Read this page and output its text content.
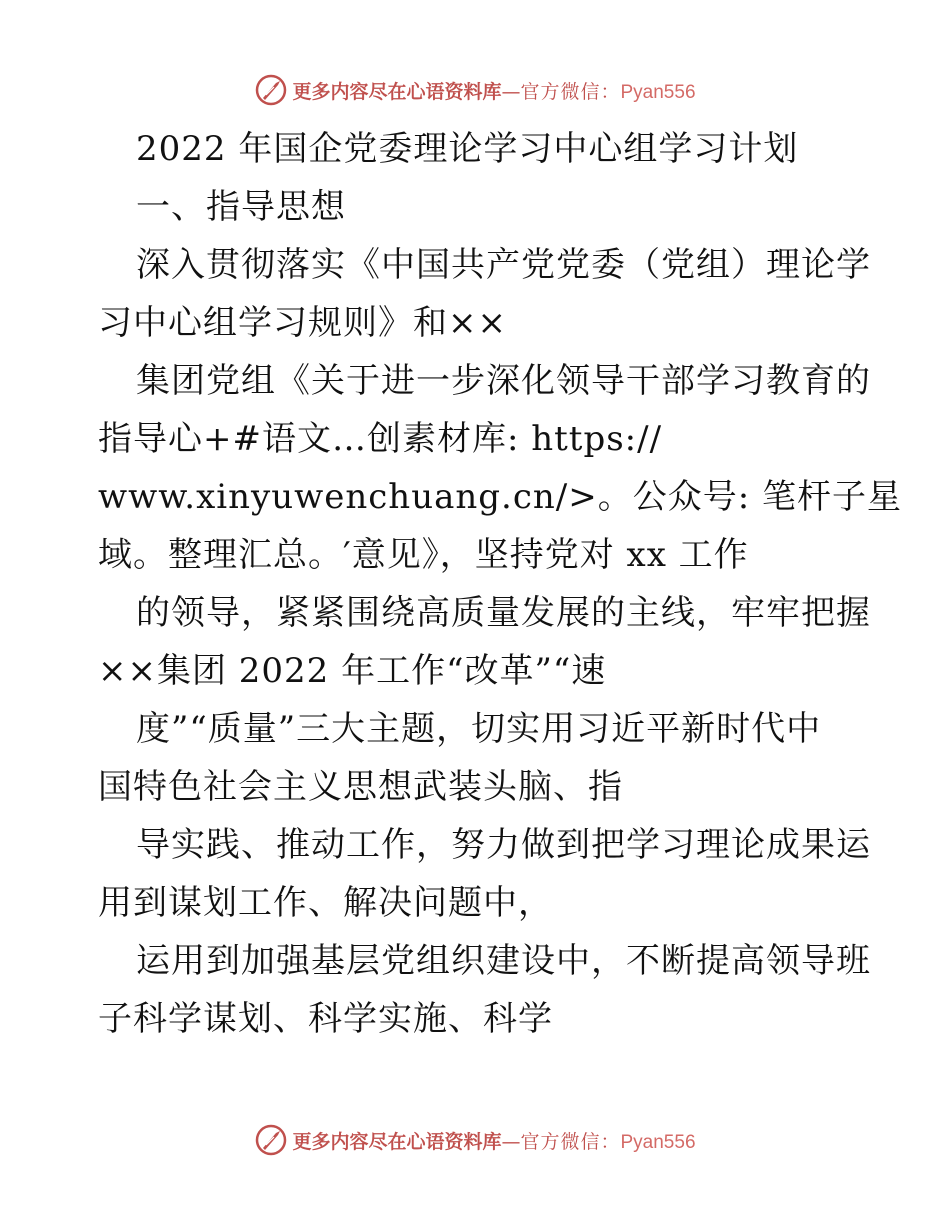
更多内容尽在心语资料库—官方微信：Pyan556
2022 年国企党委理论学习中心组学习计划
一、指导思想
深入贯彻落实《中国共产党党委（党组）理论学
习中心组学习规则》和××
集团党组《关于进一步深化领导干部学习教育的
指导心+#语文…创素材库: https://
www.xinyuwenchuang.cn/>。公众号: 笔杆子星
域。整理汇总。′意见》，坚持党对 xx 工作
的领导，紧紧围绕高质量发展的主线，牢牢把握
××集团 2022 年工作“改革”“速
度”“质量”三大主题，切实用习近平新时代中
国特色社会主义思想武装头脑、指
导实践、推动工作，努力做到把学习理论成果运
用到谋划工作、解决问题中，
运用到加强基层党组织建设中，不断提高领导班
子科学谋划、科学实施、科学
更多内容尽在心语资料库—官方微信：Pyan556
